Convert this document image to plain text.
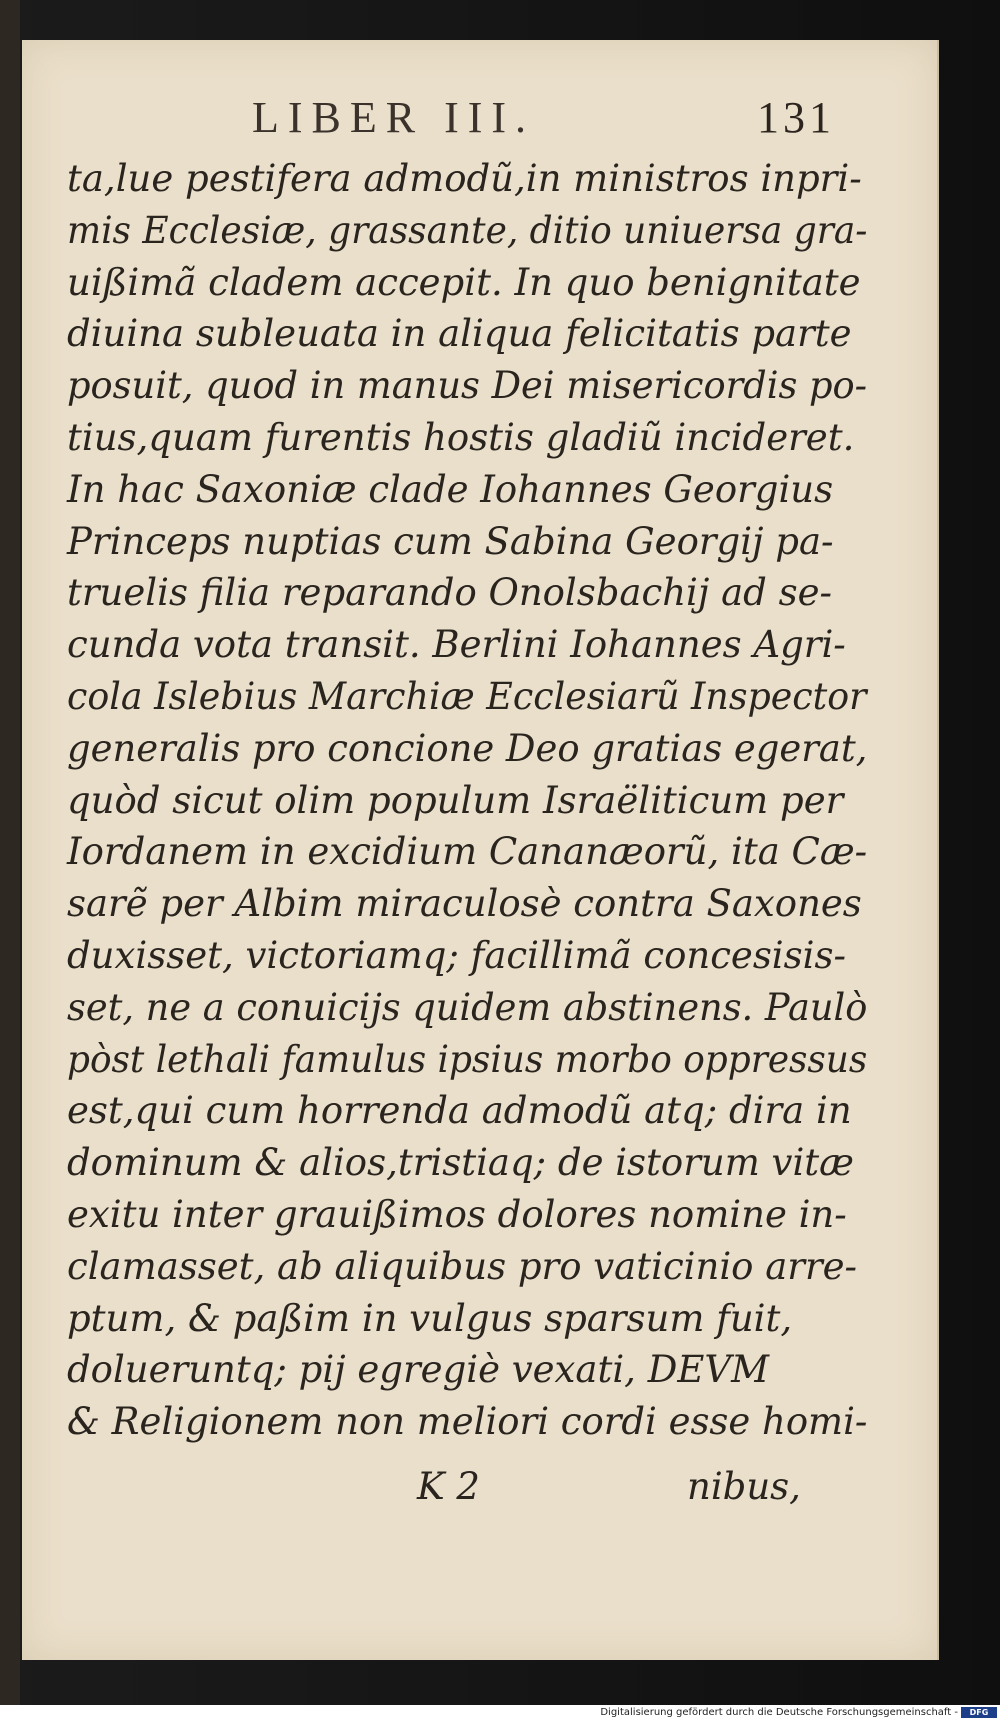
LIBER III.	131
ta,lue pestifera admodũ,in ministros inpri-
mis Ecclesiæ, grassante, ditio uniuersa gra-
uißimã cladem accepit. In quo benignitate
diuina subleuata in aliqua felicitatis parte
posuit, quod in manus Dei misericordis po-
tius,quam furentis hostis gladiũ incideret.
In hac Saxoniæ clade Iohannes Georgius
Princeps nuptias cum Sabina Georgij pa-
truelis filia reparando Onolsbachij ad se-
cunda vota transit. Berlini Iohannes Agri-
cola Islebius Marchiæ Ecclesiarũ Inspector
generalis pro concione Deo gratias egerat,
quòd sicut olim populum Israëliticum per
Iordanem in excidium Cananæorũ, ita Cæ-
sarẽ per Albim miraculosè contra Saxones
duxisset, victoriamq; facillimã concesisis-
set, ne a conuicijs quidem abstinens. Paulò
pòst lethali famulus ipsius morbo oppressus
est,qui cum horrenda admodũ atq; dira in
dominum & alios,tristiaq; de istorum vitæ
exitu inter grauißimos dolores nomine in-
clamasset, ab aliquibus pro vaticinio arre-
ptum, & paßim in vulgus sparsum fuit,
dolueruntq; pij egregiè vexati, DEVM
& Religionem non meliori cordi esse homi-
K 2	nibus,
Digitalisierung gefördert durch die Deutsche Forschungsgemeinschaft -	DFG
